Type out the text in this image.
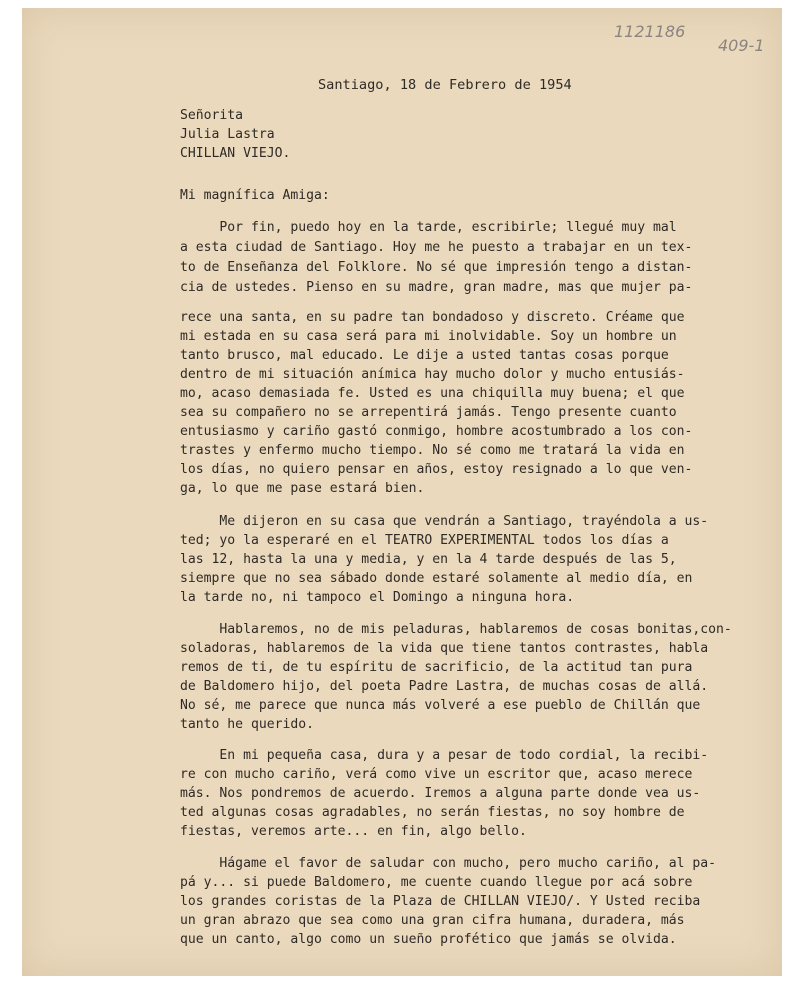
1121186
409-1
Santiago, 18 de Febrero de 1954
Señorita
Julia Lastra
CHILLAN VIEJO.
Mi magnífica Amiga:
Por fin, puedo hoy en la tarde, escribirle; llegué muy mal
a esta ciudad de Santiago. Hoy me he puesto a trabajar en un tex-
to de Enseñanza del Folklore. No sé que impresión tengo a distan-
cia de ustedes. Pienso en su madre, gran madre, mas que mujer pa-
rece una santa, en su padre tan bondadoso y discreto. Créame que
mi estada en su casa será para mi inolvidable. Soy un hombre un
tanto brusco, mal educado. Le dije a usted tantas cosas porque
dentro de mi situación anímica hay mucho dolor y mucho entusiás-
mo, acaso demasiada fe. Usted es una chiquilla muy buena; el que
sea su compañero no se arrepentirá jamás. Tengo presente cuanto
entusiasmo y cariño gastó conmigo, hombre acostumbrado a los con-
trastes y enfermo mucho tiempo. No sé como me tratará la vida en
los días, no quiero pensar en años, estoy resignado a lo que ven-
ga, lo que me pase estará bien.
Me dijeron en su casa que vendrán a Santiago, trayéndola a us-
ted; yo la esperaré en el TEATRO EXPERIMENTAL todos los días a
las 12, hasta la una y media, y en la 4 tarde después de las 5,
siempre que no sea sábado donde estaré solamente al medio día, en
la tarde no, ni tampoco el Domingo a ninguna hora.
Hablaremos, no de mis peladuras, hablaremos de cosas bonitas,con-
soladoras, hablaremos de la vida que tiene tantos contrastes, habla
remos de ti, de tu espíritu de sacrificio, de la actitud tan pura
de Baldomero hijo, del poeta Padre Lastra, de muchas cosas de allá.
No sé, me parece que nunca más volveré a ese pueblo de Chillán que
tanto he querido.
En mi pequeña casa, dura y a pesar de todo cordial, la recibi-
re con mucho cariño, verá como vive un escritor que, acaso merece
más. Nos pondremos de acuerdo. Iremos a alguna parte donde vea us-
ted algunas cosas agradables, no serán fiestas, no soy hombre de
fiestas, veremos arte... en fin, algo bello.
Hágame el favor de saludar con mucho, pero mucho cariño, al pa-
pá y... si puede Baldomero, me cuente cuando llegue por acá sobre
los grandes coristas de la Plaza de CHILLAN VIEJO/. Y Usted reciba
un gran abrazo que sea como una gran cifra humana, duradera, más
que un canto, algo como un sueño profético que jamás se olvida.
